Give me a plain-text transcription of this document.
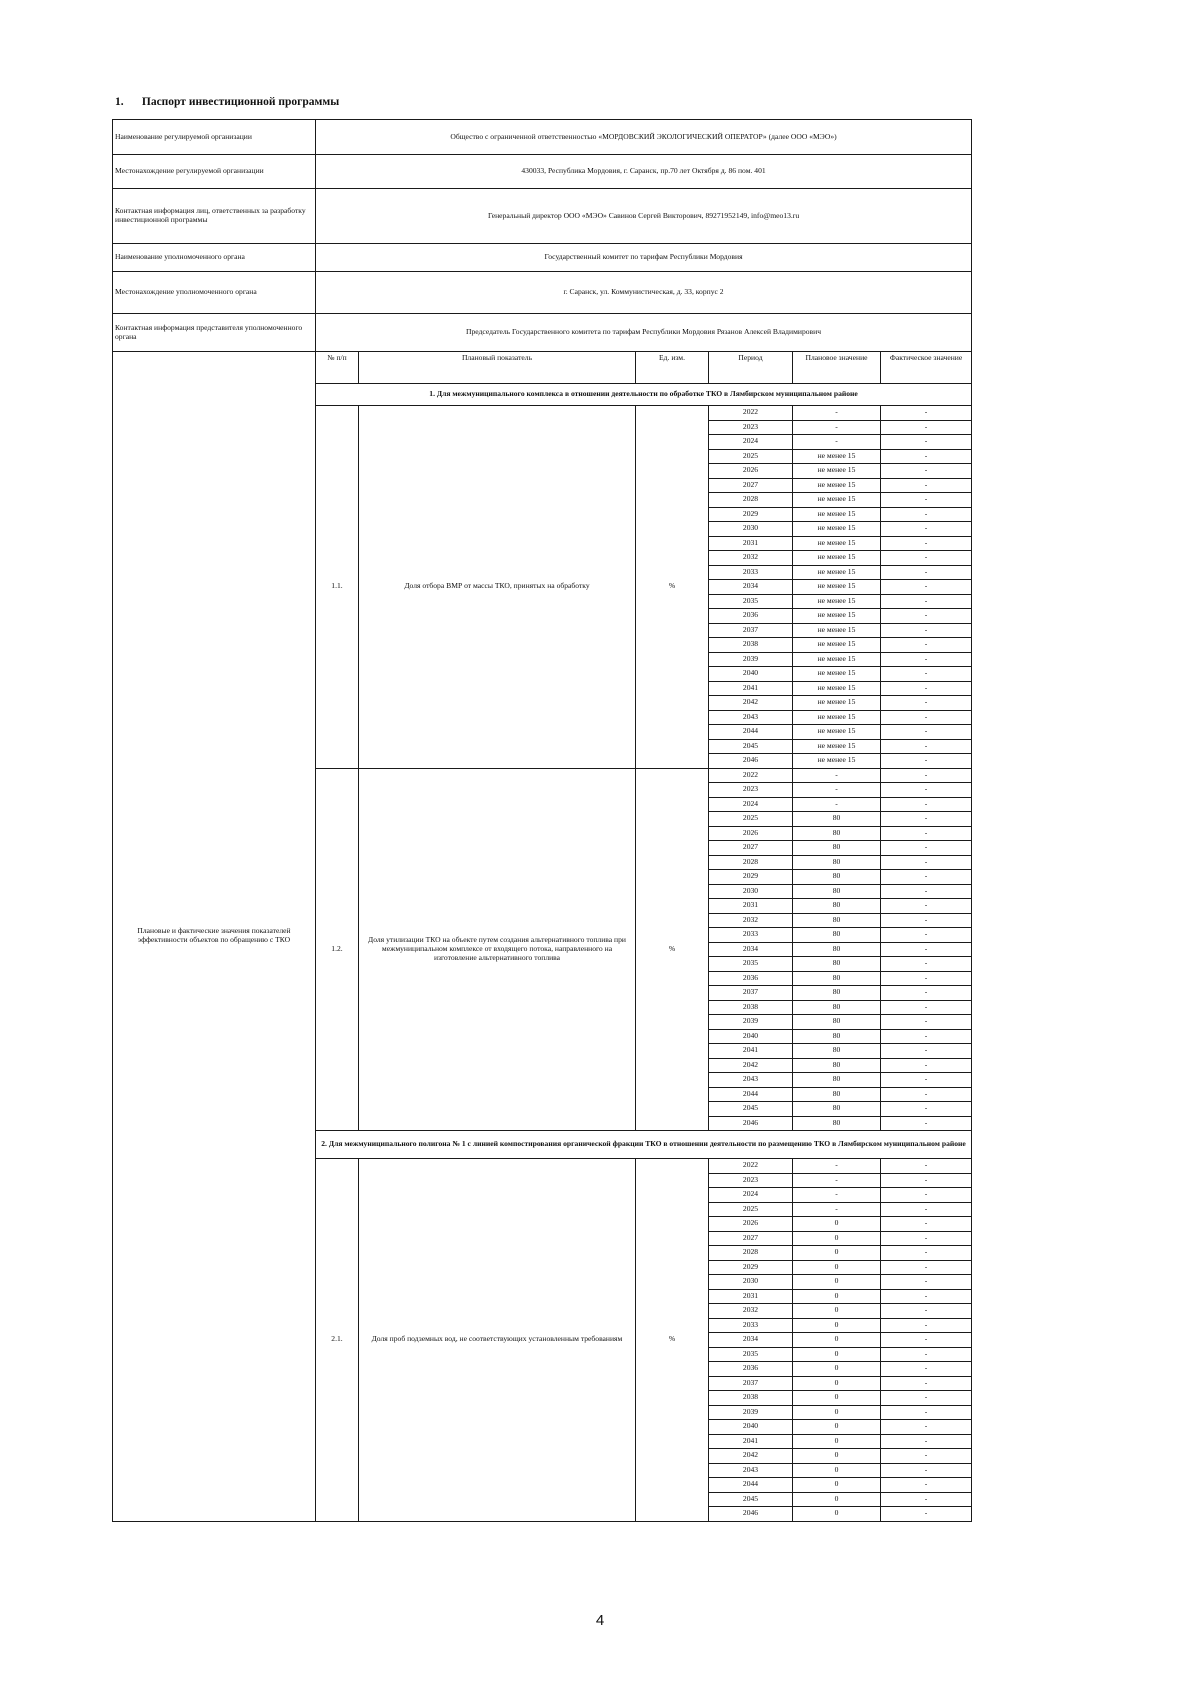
1. Паспорт инвестиционной программы
Наименование регулируемой организации	Общество с ограниченной ответственностью «МОРДОВСКИЙ ЭКОЛОГИЧЕСКИЙ ОПЕРАТОР» (далее ООО «МЭО»)					
Местонахождение регулируемой организации	430033, Республика Мордовия, г. Саранск, пр.70 лет Октября д. 86 пом. 401					
Контактная информация лиц, ответственных за разработку инвестиционной программы	Генеральный директор ООО «МЭО» Савинов Сергей Викторович, 89271952149, info@meo13.ru					
Наименование уполномоченного органа	Государственный комитет по тарифам Республики Мордовия					
Местонахождение уполномоченного органа	г. Саранск, ул. Коммунистическая, д. 33, корпус 2					
Контактная информация представителя уполномоченного органа	Председатель Государственного комитета по тарифам Республики Мордовия Рязанов Алексей Владимирович					
Плановые и фактические значения показателей эффективности объектов по обращению с ТКО	№ п/п	Плановый показатель	Ед. изм.	Период	Плановое значение	Фактическое значение
	1. Для межмуниципального комплекса в отношении деятельности по обработке ТКО в Лямбирском муниципальном районе					
	1.1.	Доля отбора ВМР от массы ТКО, принятых на обработку	%	2022	-	-
				2023	-	-
				2024	-	-
				2025	не менее 15	-
				2026	не менее 15	-
				2027	не менее 15	-
				2028	не менее 15	-
				2029	не менее 15	-
				2030	не менее 15	-
				2031	не менее 15	-
				2032	не менее 15	-
				2033	не менее 15	-
				2034	не менее 15	-
				2035	не менее 15	-
				2036	не менее 15	-
				2037	не менее 15	-
				2038	не менее 15	-
				2039	не менее 15	-
				2040	не менее 15	-
				2041	не менее 15	-
				2042	не менее 15	-
				2043	не менее 15	-
				2044	не менее 15	-
				2045	не менее 15	-
				2046	не менее 15	-
	1.2.	Доля утилизации ТКО на объекте путем создания альтернативного топлива при межмуниципальном комплексе от входящего потока, направленного на изготовление альтернативного топлива	%	2022	-	-
				2023	-	-
				2024	-	-
				2025	80	-
				2026	80	-
				2027	80	-
				2028	80	-
				2029	80	-
				2030	80	-
				2031	80	-
				2032	80	-
				2033	80	-
				2034	80	-
				2035	80	-
				2036	80	-
				2037	80	-
				2038	80	-
				2039	80	-
				2040	80	-
				2041	80	-
				2042	80	-
				2043	80	-
				2044	80	-
				2045	80	-
				2046	80	-
	2. Для межмуниципального полигона № 1 с линией компостирования органической фракции ТКО в отношении деятельности по размещению ТКО в Лямбирском муниципальном районе					
	2.1.	Доля проб подземных вод, не соответствующих установленным требованиям	%	2022	-	-
				2023	-	-
				2024	-	-
				2025	-	-
				2026	0	-
				2027	0	-
				2028	0	-
				2029	0	-
				2030	0	-
				2031	0	-
				2032	0	-
				2033	0	-
				2034	0	-
				2035	0	-
				2036	0	-
				2037	0	-
				2038	0	-
				2039	0	-
				2040	0	-
				2041	0	-
				2042	0	-
				2043	0	-
				2044	0	-
				2045	0	-
				2046	0	-
4
